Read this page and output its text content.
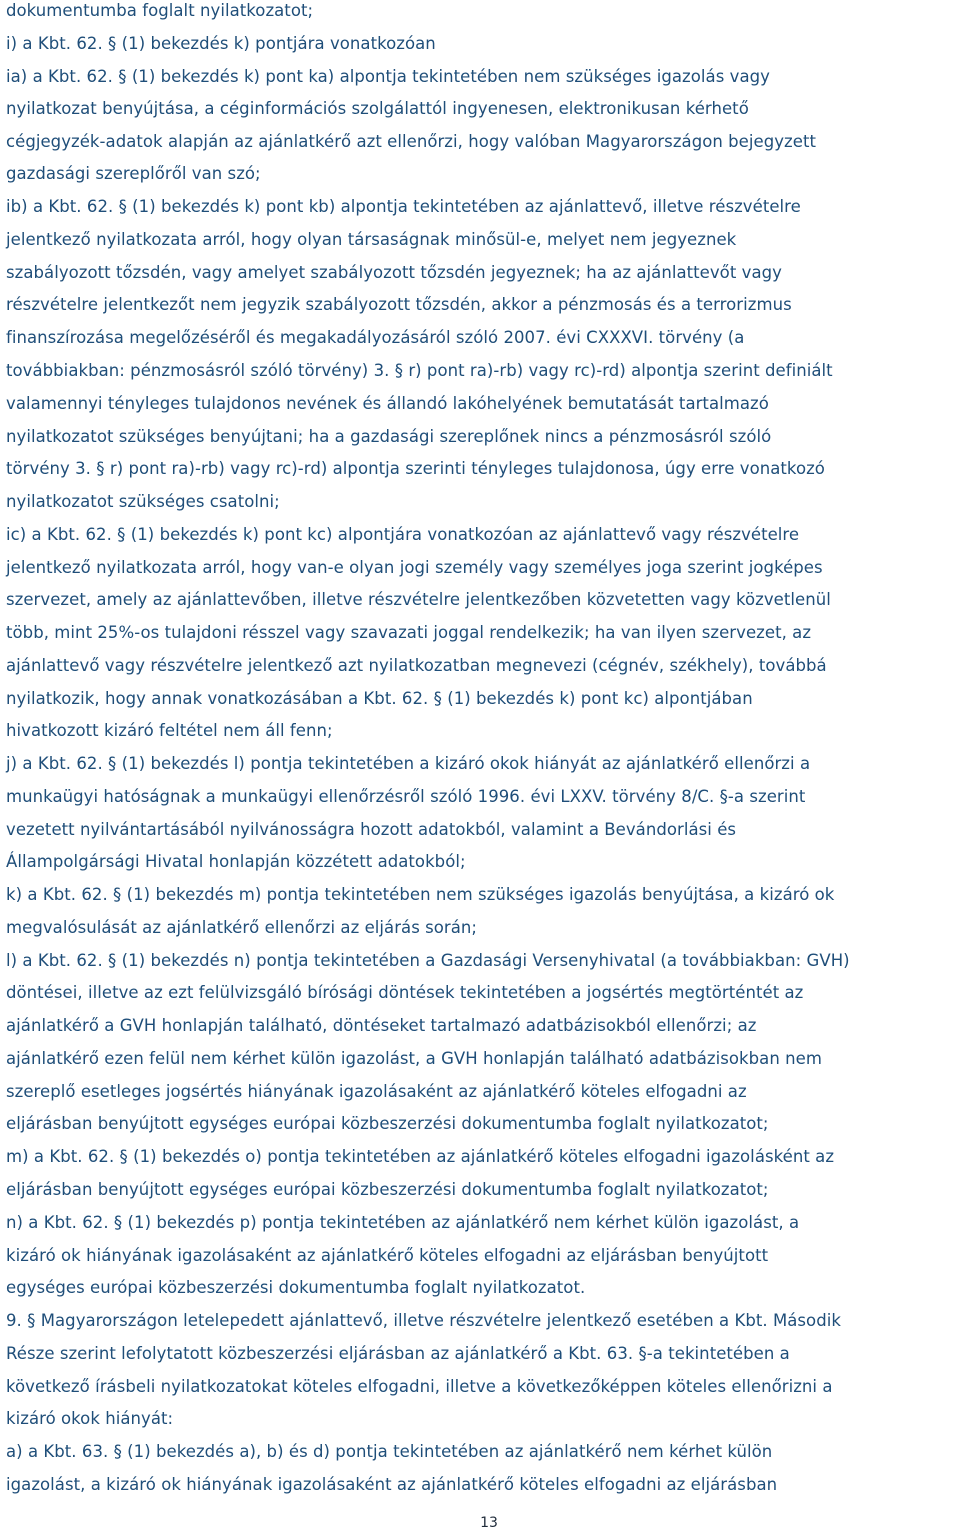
dokumentumba foglalt nyilatkozatot;
i) a Kbt. 62. § (1) bekezdés k) pontjára vonatkozóan
ia) a Kbt. 62. § (1) bekezdés k) pont ka) alpontja tekintetében nem szükséges igazolás vagy
nyilatkozat benyújtása, a céginformációs szolgálattól ingyenesen, elektronikusan kérhető
cégjegyzék-adatok alapján az ajánlatkérő azt ellenőrzi, hogy valóban Magyarországon bejegyzett
gazdasági szereplőről van szó;
ib) a Kbt. 62. § (1) bekezdés k) pont kb) alpontja tekintetében az ajánlattevő, illetve részvételre
jelentkező nyilatkozata arról, hogy olyan társaságnak minősül-e, melyet nem jegyeznek
szabályozott tőzsdén, vagy amelyet szabályozott tőzsdén jegyeznek; ha az ajánlattevőt vagy
részvételre jelentkezőt nem jegyzik szabályozott tőzsdén, akkor a pénzmosás és a terrorizmus
finanszírozása megelőzéséről és megakadályozásáról szóló 2007. évi CXXXVI. törvény (a
továbbiakban: pénzmosásról szóló törvény) 3. § r) pont ra)-rb) vagy rc)-rd) alpontja szerint definiált
valamennyi tényleges tulajdonos nevének és állandó lakóhelyének bemutatását tartalmazó
nyilatkozatot szükséges benyújtani; ha a gazdasági szereplőnek nincs a pénzmosásról szóló
törvény 3. § r) pont ra)-rb) vagy rc)-rd) alpontja szerinti tényleges tulajdonosa, úgy erre vonatkozó
nyilatkozatot szükséges csatolni;
ic) a Kbt. 62. § (1) bekezdés k) pont kc) alpontjára vonatkozóan az ajánlattevő vagy részvételre
jelentkező nyilatkozata arról, hogy van-e olyan jogi személy vagy személyes joga szerint jogképes
szervezet, amely az ajánlattevőben, illetve részvételre jelentkezőben közvetetten vagy közvetlenül
több, mint 25%-os tulajdoni résszel vagy szavazati joggal rendelkezik; ha van ilyen szervezet, az
ajánlattevő vagy részvételre jelentkező azt nyilatkozatban megnevezi (cégnév, székhely), továbbá
nyilatkozik, hogy annak vonatkozásában a Kbt. 62. § (1) bekezdés k) pont kc) alpontjában
hivatkozott kizáró feltétel nem áll fenn;
j) a Kbt. 62. § (1) bekezdés l) pontja tekintetében a kizáró okok hiányát az ajánlatkérő ellenőrzi a
munkaügyi hatóságnak a munkaügyi ellenőrzésről szóló 1996. évi LXXV. törvény 8/C. §-a szerint
vezetett nyilvántartásából nyilvánosságra hozott adatokból, valamint a Bevándorlási és
Állampolgársági Hivatal honlapján közzétett adatokból;
k) a Kbt. 62. § (1) bekezdés m) pontja tekintetében nem szükséges igazolás benyújtása, a kizáró ok
megvalósulását az ajánlatkérő ellenőrzi az eljárás során;
l) a Kbt. 62. § (1) bekezdés n) pontja tekintetében a Gazdasági Versenyhivatal (a továbbiakban: GVH)
döntései, illetve az ezt felülvizsgáló bírósági döntések tekintetében a jogsértés megtörténtét az
ajánlatkérő a GVH honlapján található, döntéseket tartalmazó adatbázisokból ellenőrzi; az
ajánlatkérő ezen felül nem kérhet külön igazolást, a GVH honlapján található adatbázisokban nem
szereplő esetleges jogsértés hiányának igazolásaként az ajánlatkérő köteles elfogadni az
eljárásban benyújtott egységes európai közbeszerzési dokumentumba foglalt nyilatkozatot;
m) a Kbt. 62. § (1) bekezdés o) pontja tekintetében az ajánlatkérő köteles elfogadni igazolásként az
eljárásban benyújtott egységes európai közbeszerzési dokumentumba foglalt nyilatkozatot;
n) a Kbt. 62. § (1) bekezdés p) pontja tekintetében az ajánlatkérő nem kérhet külön igazolást, a
kizáró ok hiányának igazolásaként az ajánlatkérő köteles elfogadni az eljárásban benyújtott
egységes európai közbeszerzési dokumentumba foglalt nyilatkozatot.
9. § Magyarországon letelepedett ajánlattevő, illetve részvételre jelentkező esetében a Kbt. Második
Része szerint lefolytatott közbeszerzési eljárásban az ajánlatkérő a Kbt. 63. §-a tekintetében a
következő írásbeli nyilatkozatokat köteles elfogadni, illetve a következőképpen köteles ellenőrizni a
kizáró okok hiányát:
a) a Kbt. 63. § (1) bekezdés a), b) és d) pontja tekintetében az ajánlatkérő nem kérhet külön
igazolást, a kizáró ok hiányának igazolásaként az ajánlatkérő köteles elfogadni az eljárásban
13
